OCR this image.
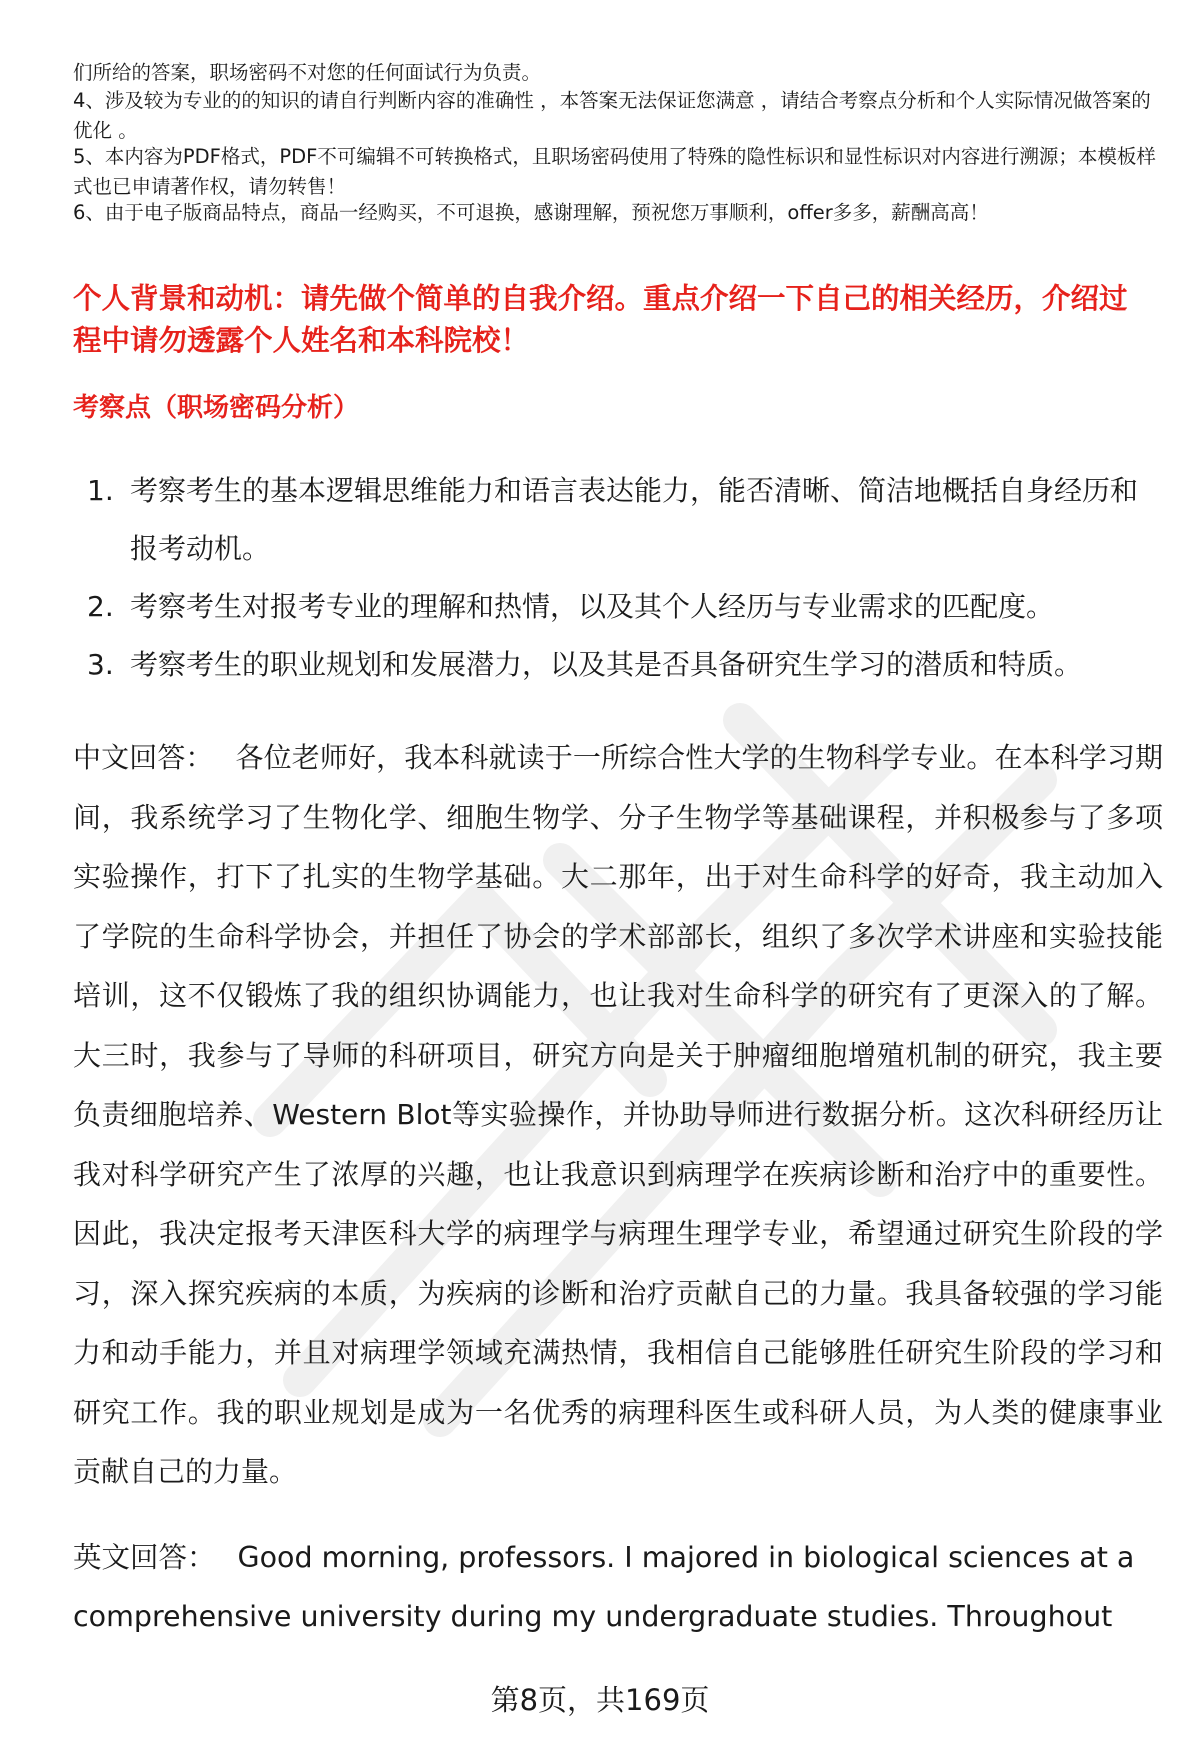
们所给的答案，职场密码不对您的任何面试行为负责。
4、涉及较为专业的的知识的请自行判断内容的准确性 ，本答案无法保证您满意 ，请结合考察点分析和个人实际情况做答案的优化 。
5、本内容为PDF格式，PDF不可编辑不可转换格式，且职场密码使用了特殊的隐性标识和显性标识对内容进行溯源；本模板样式也已申请著作权，请勿转售！
6、由于电子版商品特点，商品一经购买，不可退换，感谢理解，预祝您万事顺利，offer多多，薪酬高高！
个人背景和动机：请先做个简单的自我介绍。重点介绍一下自己的相关经历，介绍过程中请勿透露个人姓名和本科院校！
考察点（职场密码分析）
1. 考察考生的基本逻辑思维能力和语言表达能力，能否清晰、简洁地概括自身经历和报考动机。
2. 考察考生对报考专业的理解和热情，以及其个人经历与专业需求的匹配度。
3. 考察考生的职业规划和发展潜力，以及其是否具备研究生学习的潜质和特质。
中文回答： 各位老师好，我本科就读于一所综合性大学的生物科学专业。在本科学习期间，我系统学习了生物化学、细胞生物学、分子生物学等基础课程，并积极参与了多项实验操作，打下了扎实的生物学基础。大二那年，出于对生命科学的好奇，我主动加入了学院的生命科学协会，并担任了协会的学术部部长，组织了多次学术讲座和实验技能培训，这不仅锻炼了我的组织协调能力，也让我对生命科学的研究有了更深入的了解。大三时，我参与了导师的科研项目，研究方向是关于肿瘤细胞增殖机制的研究，我主要负责细胞培养、Western Blot等实验操作，并协助导师进行数据分析。这次科研经历让我对科学研究产生了浓厚的兴趣，也让我意识到病理学在疾病诊断和治疗中的重要性。因此，我决定报考天津医科大学的病理学与病理生理学专业，希望通过研究生阶段的学习，深入探究疾病的本质，为疾病的诊断和治疗贡献自己的力量。我具备较强的学习能力和动手能力，并且对病理学领域充满热情，我相信自己能够胜任研究生阶段的学习和研究工作。我的职业规划是成为一名优秀的病理科医生或科研人员，为人类的健康事业贡献自己的力量。
英文回答： Good morning, professors. I majored in biological sciences at a comprehensive university during my undergraduate studies. Throughout
第8页，共169页
